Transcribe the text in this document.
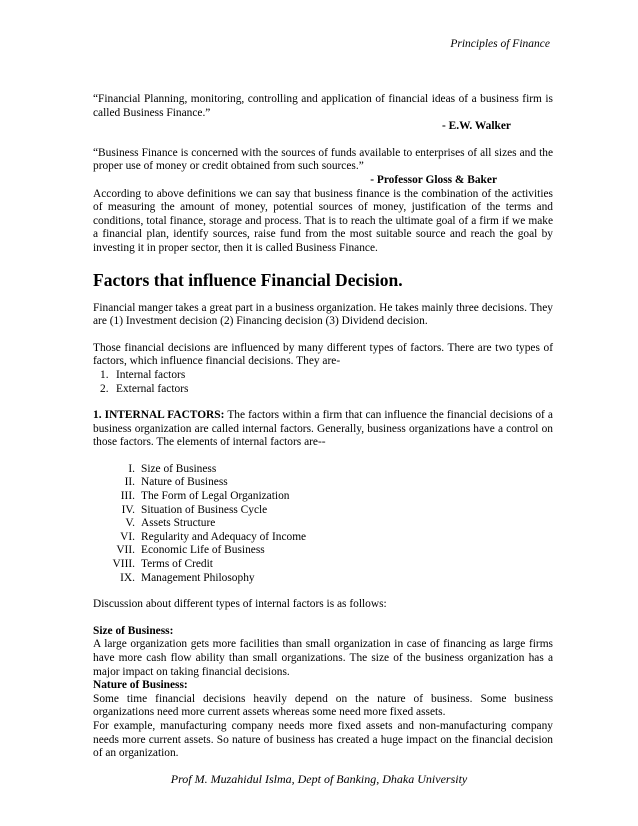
Principles of Finance

“Financial Planning, monitoring, controlling and application of financial ideas of a business firm is called Business Finance.”

- E.W. Walker

“Business Finance is concerned with the sources of funds available to enterprises of all sizes and the proper use of money or credit obtained from such sources.”

- Professor Gloss & Baker

According to above definitions we can say that business finance is the combination of the activities of measuring the amount of money, potential sources of money, justification of the terms and conditions, total finance, storage and process. That is to reach the ultimate goal of a firm if we make a financial plan, identify sources, raise fund from the most suitable source and reach the goal by investing it in proper sector, then it is called Business Finance.

Factors that influence Financial Decision.

Financial manger takes a great part in a business organization. He takes mainly three decisions. They are (1) Investment decision (2) Financing decision (3) Dividend decision.

Those financial decisions are influenced by many different types of factors. There are two types of factors, which influence financial decisions. They are-

1. Internal factors
2. External factors

1. INTERNAL FACTORS: The factors within a firm that can influence the financial decisions of a business organization are called internal factors. Generally, business organizations have a control on those factors. The elements of internal factors are--

I. Size of Business
II. Nature of Business
III. The Form of Legal Organization
IV. Situation of Business Cycle
V. Assets Structure
VI. Regularity and Adequacy of Income
VII. Economic Life of Business
VIII. Terms of Credit
IX. Management Philosophy

Discussion about different types of internal factors is as follows:

Size of Business:

A large organization gets more facilities than small organization in case of financing as large firms have more cash flow ability than small organizations. The size of the business organization has a major impact on taking financial decisions.

Nature of Business:

Some time financial decisions heavily depend on the nature of business. Some business organizations need more current assets whereas some need more fixed assets.

For example, manufacturing company needs more fixed assets and non-manufacturing company needs more current assets. So nature of business has created a huge impact on the financial decision of an organization.

Prof M. Muzahidul Islma, Dept of Banking, Dhaka University
